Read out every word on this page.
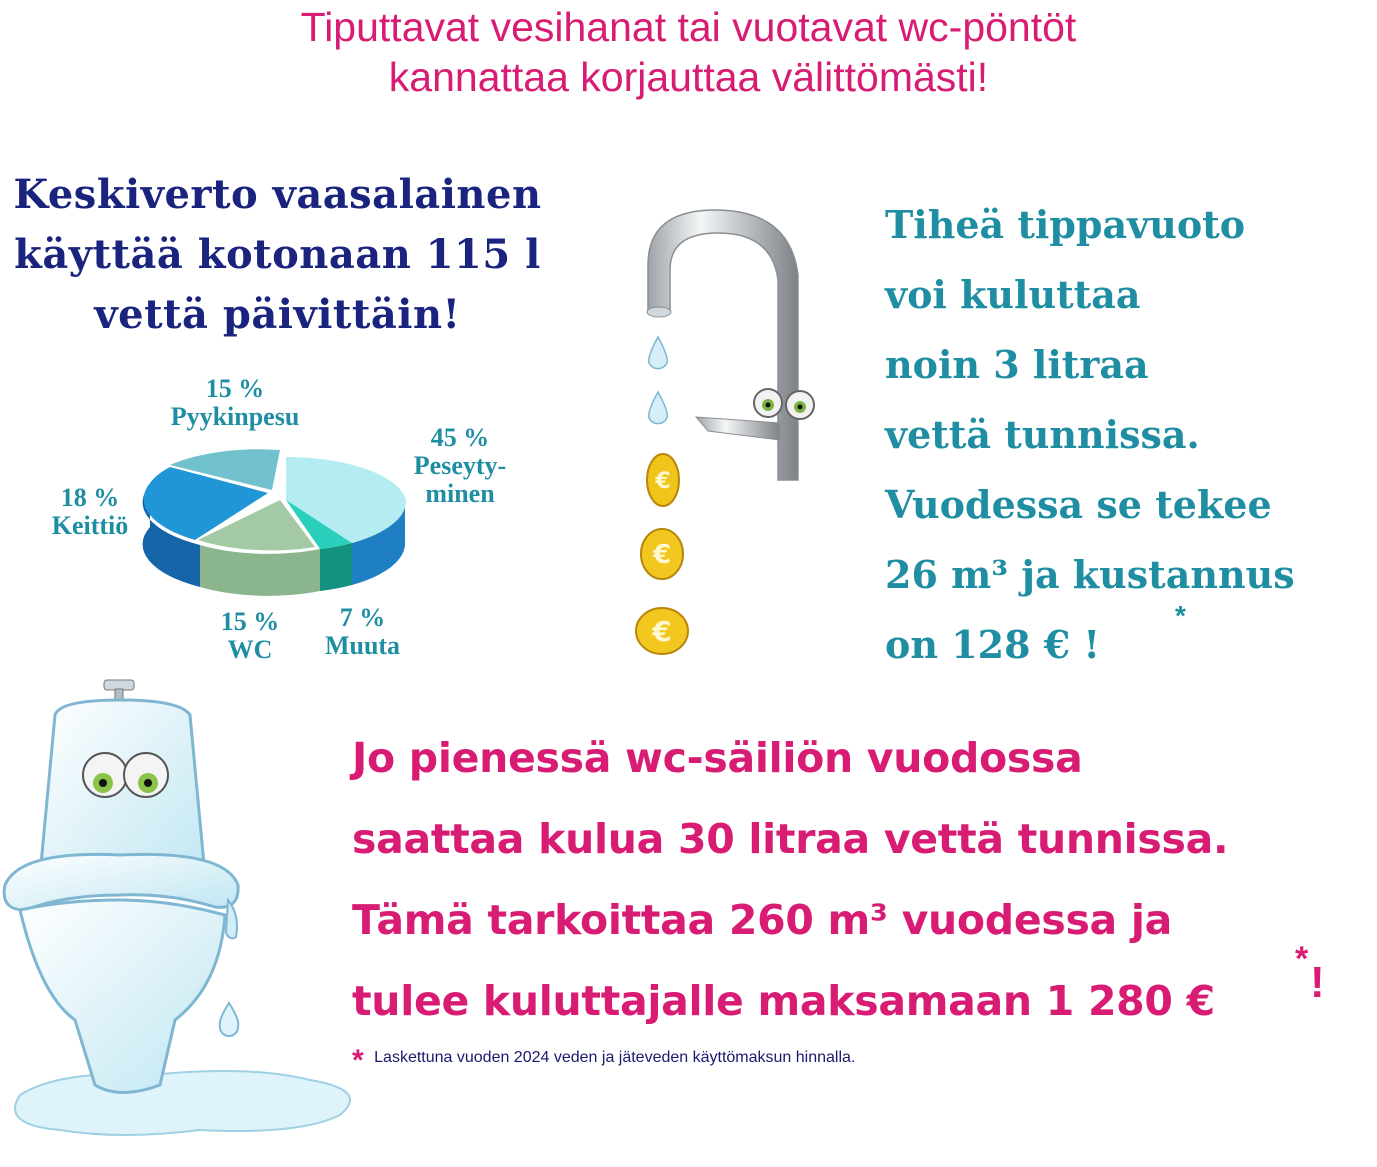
Tiputtavat vesihanat tai vuotavat wc-pöntöt
kannattaa korjauttaa välittömästi!
Keskiverto vaasalainen
käyttää kotonaan 115 l
vettä päivittäin!
15 %
Pyykinpesu
45 %
Peseyty-
minen
18 %
Keittiö
15 %
WC
7 %
Muuta
€
€
€
Tiheä tippavuoto
voi kuluttaa
noin 3 litraa
vettä tunnissa.
Vuodessa se tekee
26 m³ ja kustannus
on 128 € !
*
Jo pienessä wc-säiliön vuodossa
saattaa kulua 30 litraa vettä tunnissa.
Tämä tarkoittaa 260 m³ vuodessa ja
tulee kuluttajalle maksamaan 1 280 €
* !
* Laskettuna vuoden 2024 veden ja jäteveden käyttömaksun hinnalla.
